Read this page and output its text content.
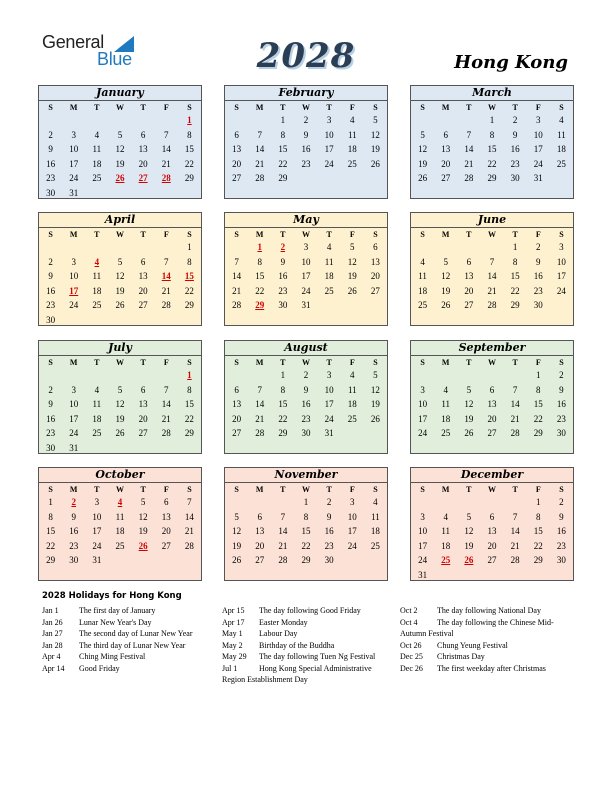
General
Blue	2028	Hong Kong
January
S	M	T	W	T	F	S
						1
2	3	4	5	6	7	8
9	10	11	12	13	14	15
16	17	18	19	20	21	22
23	24	25	26	27	28	29
30	31					
February
S	M	T	W	T	F	S
		1	2	3	4	5
6	7	8	9	10	11	12
13	14	15	16	17	18	19
20	21	22	23	24	25	26
27	28	29				
March
S	M	T	W	T	F	S
			1	2	3	4
5	6	7	8	9	10	11
12	13	14	15	16	17	18
19	20	21	22	23	24	25
26	27	28	29	30	31	
April
S	M	T	W	T	F	S
						1
2	3	4	5	6	7	8
9	10	11	12	13	14	15
16	17	18	19	20	21	22
23	24	25	26	27	28	29
30						
May
S	M	T	W	T	F	S
	1	2	3	4	5	6
7	8	9	10	11	12	13
14	15	16	17	18	19	20
21	22	23	24	25	26	27
28	29	30	31			
June
S	M	T	W	T	F	S
				1	2	3
4	5	6	7	8	9	10
11	12	13	14	15	16	17
18	19	20	21	22	23	24
25	26	27	28	29	30	
July
S	M	T	W	T	F	S
						1
2	3	4	5	6	7	8
9	10	11	12	13	14	15
16	17	18	19	20	21	22
23	24	25	26	27	28	29
30	31					
August
S	M	T	W	T	F	S
		1	2	3	4	5
6	7	8	9	10	11	12
13	14	15	16	17	18	19
20	21	22	23	24	25	26
27	28	29	30	31		
September
S	M	T	W	T	F	S
					1	2
3	4	5	6	7	8	9
10	11	12	13	14	15	16
17	18	19	20	21	22	23
24	25	26	27	28	29	30
October
S	M	T	W	T	F	S
1	2	3	4	5	6	7
8	9	10	11	12	13	14
15	16	17	18	19	20	21
22	23	24	25	26	27	28
29	30	31				
November
S	M	T	W	T	F	S
			1	2	3	4
5	6	7	8	9	10	11
12	13	14	15	16	17	18
19	20	21	22	23	24	25
26	27	28	29	30		
December
S	M	T	W	T	F	S
					1	2
3	4	5	6	7	8	9
10	11	12	13	14	15	16
17	18	19	20	21	22	23
24	25	26	27	28	29	30
31						
2028 Holidays for Hong Kong
Jan 1	The first day of January
Jan 26	Lunar New Year's Day
Jan 27	The second day of Lunar New Year
Jan 28	The third day of Lunar New Year
Apr 4	Ching Ming Festival
Apr 14	Good Friday
Apr 15	The day following Good Friday
Apr 17	Easter Monday
May 1	Labour Day
May 2	Birthday of the Buddha
May 29	The day following Tuen Ng Festival
Jul 1	Hong Kong Special Administrative Region Establishment Day
Oct 2	The day following National Day
Oct 4	The day following the Chinese Mid-Autumn Festival
Oct 26	Chung Yeung Festival
Dec 25	Christmas Day
Dec 26	The first weekday after Christmas
